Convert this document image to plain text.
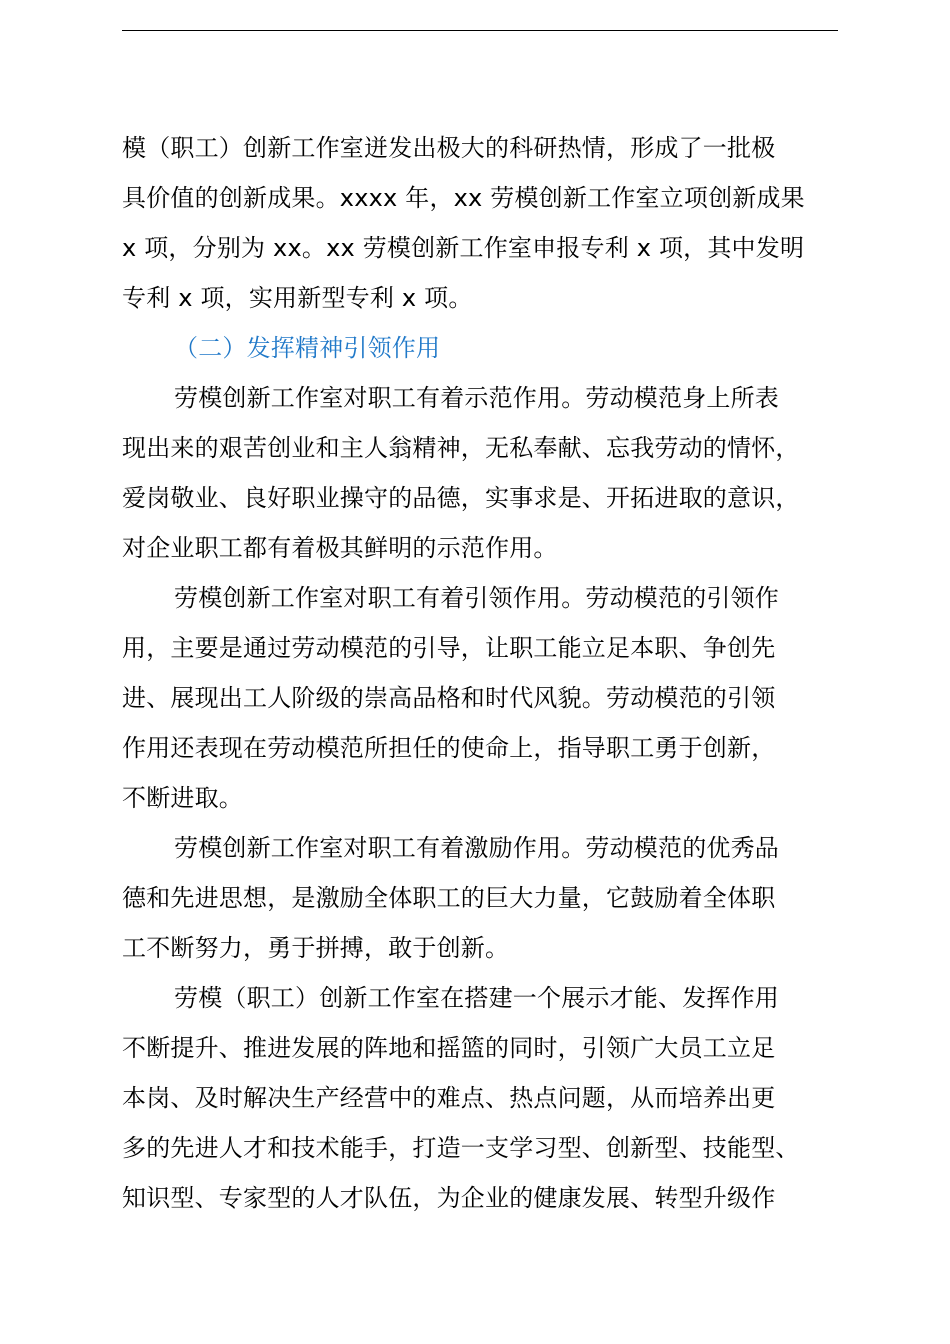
模（职工）创新工作室迸发出极大的科研热情，形成了一批极
具价值的创新成果。xxxx 年，xx 劳模创新工作室立项创新成果
x 项，分别为 xx。xx 劳模创新工作室申报专利 x 项，其中发明
专利 x 项，实用新型专利 x 项。
（二）发挥精神引领作用
劳模创新工作室对职工有着示范作用。劳动模范身上所表
现出来的艰苦创业和主人翁精神，无私奉献、忘我劳动的情怀，
爱岗敬业、良好职业操守的品德，实事求是、开拓进取的意识，
对企业职工都有着极其鲜明的示范作用。
劳模创新工作室对职工有着引领作用。劳动模范的引领作
用，主要是通过劳动模范的引导，让职工能立足本职、争创先
进、展现出工人阶级的崇高品格和时代风貌。劳动模范的引领
作用还表现在劳动模范所担任的使命上，指导职工勇于创新，
不断进取。
劳模创新工作室对职工有着激励作用。劳动模范的优秀品
德和先进思想，是激励全体职工的巨大力量，它鼓励着全体职
工不断努力，勇于拼搏，敢于创新。
劳模（职工）创新工作室在搭建一个展示才能、发挥作用
不断提升、推进发展的阵地和摇篮的同时，引领广大员工立足
本岗、及时解决生产经营中的难点、热点问题，从而培养出更
多的先进人才和技术能手，打造一支学习型、创新型、技能型、
知识型、专家型的人才队伍，为企业的健康发展、转型升级作
